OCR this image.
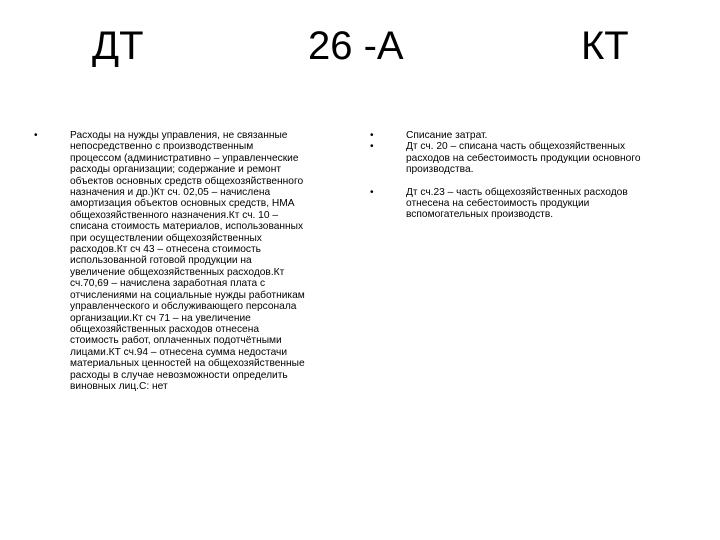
ДТ	26 -А	КТ
•	Расходы на нужды управления, не связанные
непосредственно с производственным
процессом (административно – управленческие
расходы организации; содержание и ремонт
объектов основных средств общехозяйственного
назначения и др.)Кт сч. 02,05 – начислена
амортизация объектов основных средств, НМА
общехозяйственного назначения.Кт сч. 10 –
списана стоимость материалов, использованных
при осуществлении общехозяйственных
расходов.Кт сч 43 – отнесена стоимость
использованной готовой продукции на
увеличение общехозяйственных расходов.Кт
сч.70,69 – начислена заработная плата с
отчислениями на социальные нужды работникам
управленческого и обслуживающего персонала
организации.Кт сч 71 – на увеличение
общехозяйственных расходов отнесена
стоимость работ, оплаченных подотчётными
лицами.КТ сч.94 – отнесена сумма недостачи
материальных ценностей на общехозяйственные
расходы в случае невозможности определить
виновных лиц.С: нет
•	Списание затрат.
•	Дт сч. 20 – списана часть общехозяйственных
расходов на себестоимость продукции основного
производства.
•	Дт сч.23 – часть общехозяйственных расходов
отнесена на себестоимость продукции
вспомогательных производств.
